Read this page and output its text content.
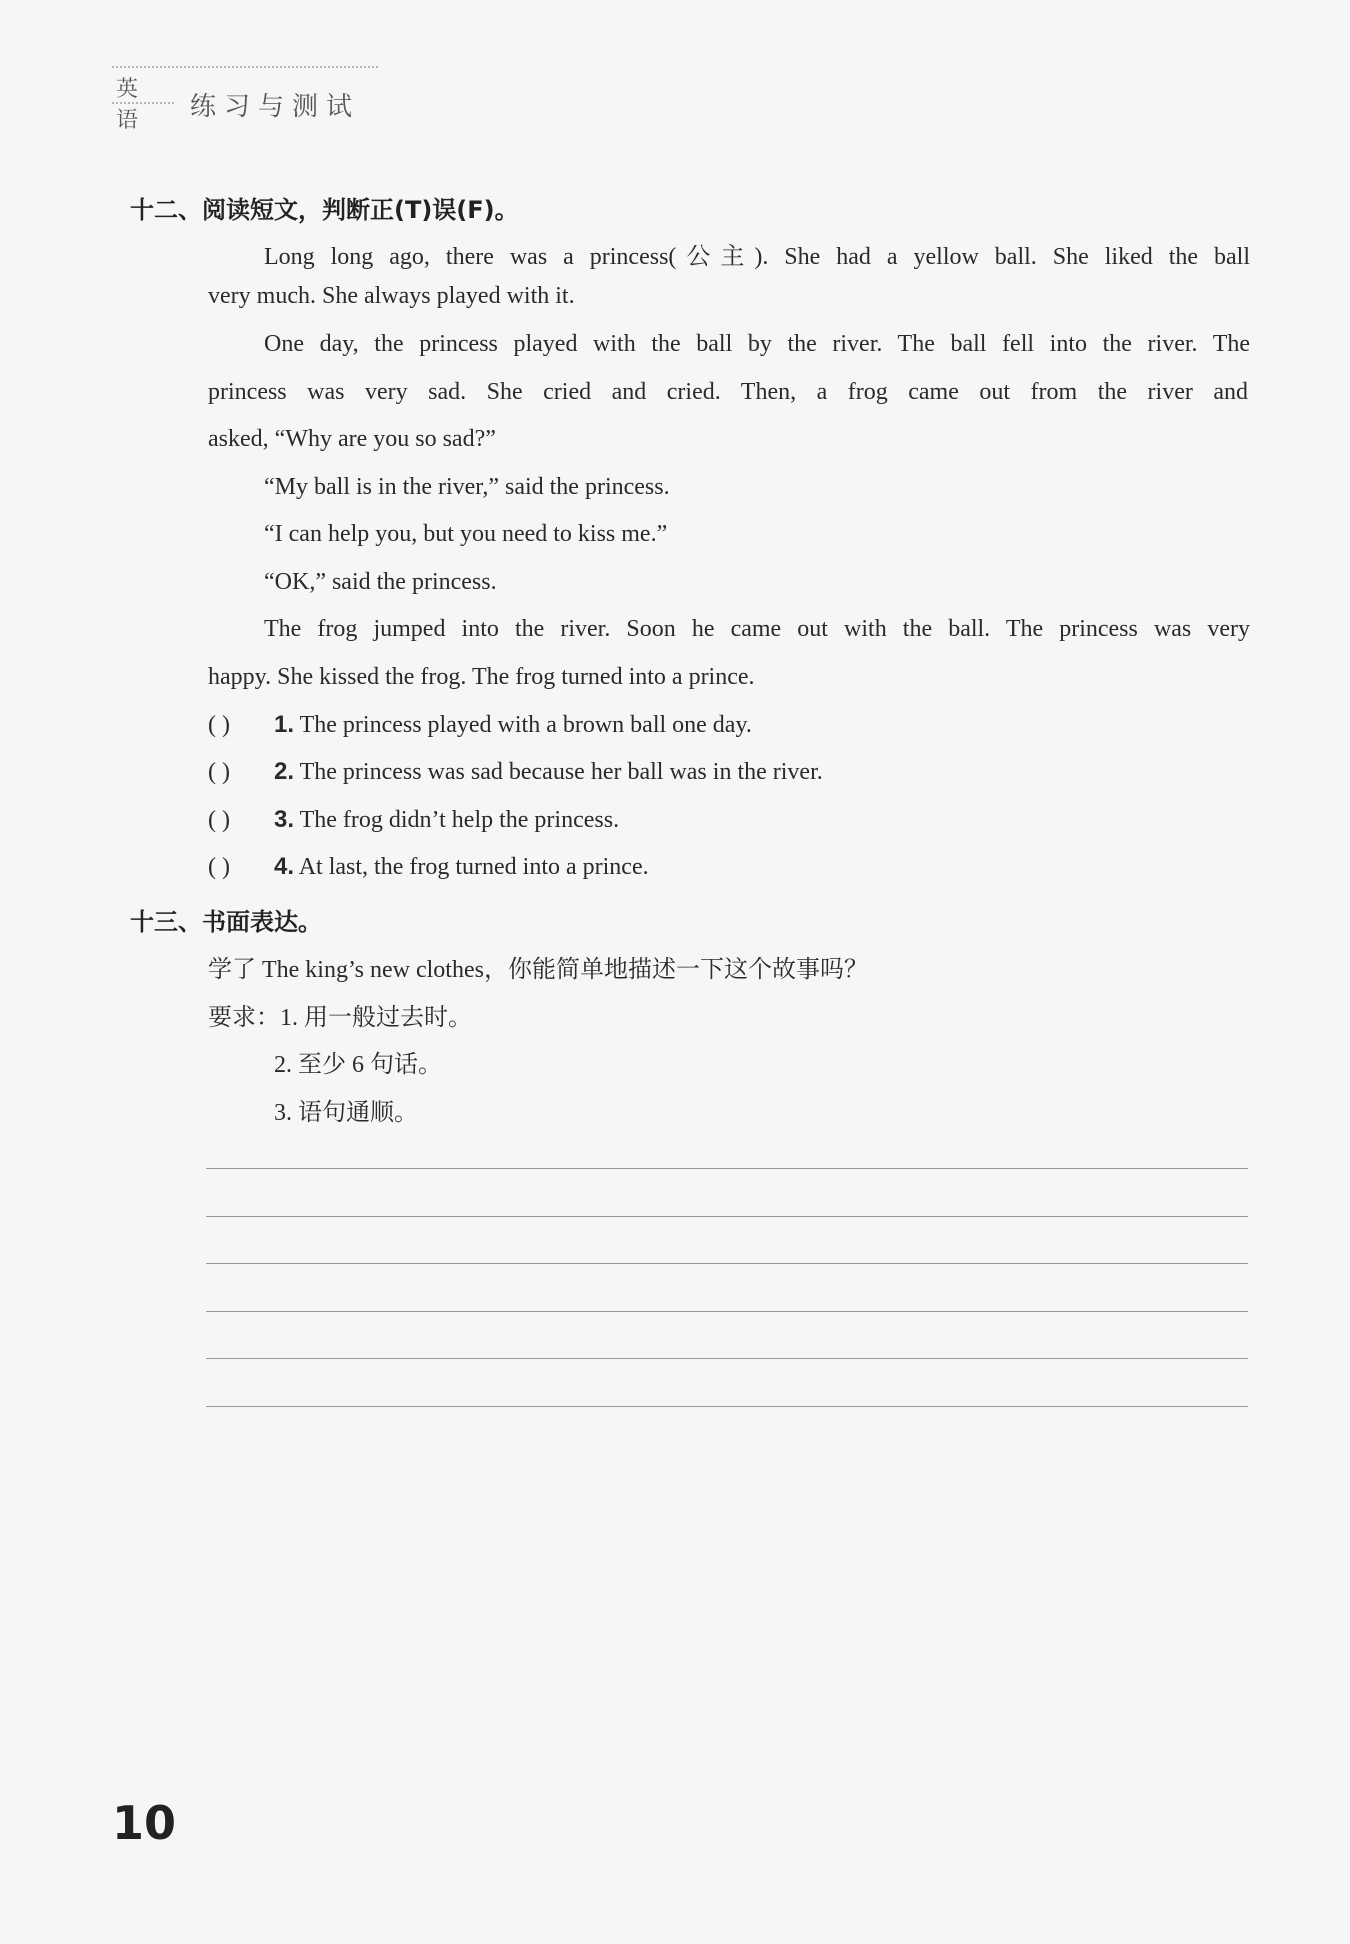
英语 练习与测试
十二、阅读短文，判断正(T)误(F)。
Long long ago, there was a princess(公主). She had a yellow ball. She liked the ball
very much. She always played with it.
One day, the princess played with the ball by the river. The ball fell into the river. The
princess was very sad. She cried and cried. Then, a frog came out from the river and
asked, “Why are you so sad?”
“My ball is in the river,” said the princess.
“I can help you, but you need to kiss me.”
“OK,” said the princess.
The frog jumped into the river. Soon he came out with the ball. The princess was very
happy. She kissed the frog. The frog turned into a prince.
( ) 1. The princess played with a brown ball one day.
( ) 2. The princess was sad because her ball was in the river.
( ) 3. The frog didn’t help the princess.
( ) 4. At last, the frog turned into a prince.
十三、书面表达。
学了 The king’s new clothes，你能简单地描述一下这个故事吗？
要求：1. 用一般过去时。
2. 至少 6 句话。
3. 语句通顺。
10
